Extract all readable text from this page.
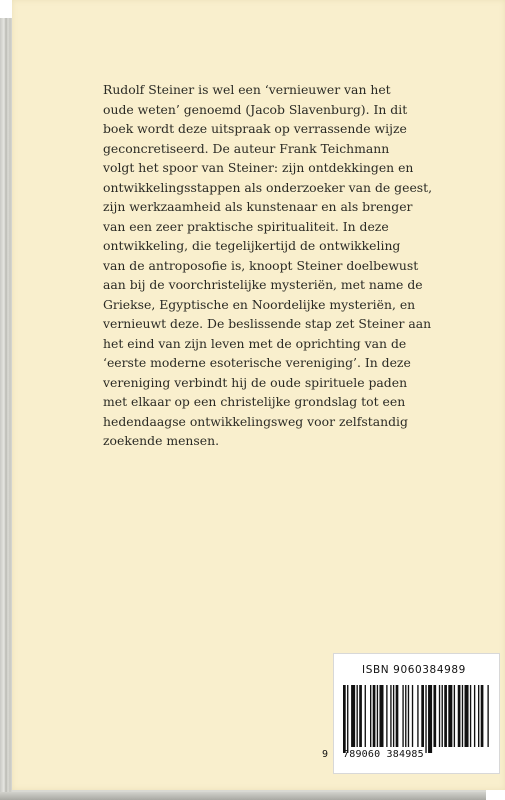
Rudolf Steiner is wel een ‘vernieuwer van het
oude weten’ genoemd (Jacob Slavenburg). In dit
boek wordt deze uitspraak op verrassende wijze
geconcretiseerd. De auteur Frank Teichmann
volgt het spoor van Steiner: zijn ontdekkingen en
ontwikkelingsstappen als onderzoeker van de geest,
zijn werkzaamheid als kunstenaar en als brenger
van een zeer praktische spiritualiteit. In deze
ontwikkeling, die tegelijkertijd de ontwikkeling
van de antroposofie is, knoopt Steiner doelbewust
aan bij de voorchristelijke mysteriën, met name de
Griekse, Egyptische en Noordelijke mysteriën, en
vernieuwt deze. De beslissende stap zet Steiner aan
het eind van zijn leven met de oprichting van de
‘eerste moderne esoterische vereniging’. In deze
vereniging verbindt hij de oude spirituele paden
met elkaar op een christelijke grondslag tot een
hedendaagse ontwikkelingsweg voor zelfstandig
zoekende mensen.

ISBN 9060384989
9 789060 384985
